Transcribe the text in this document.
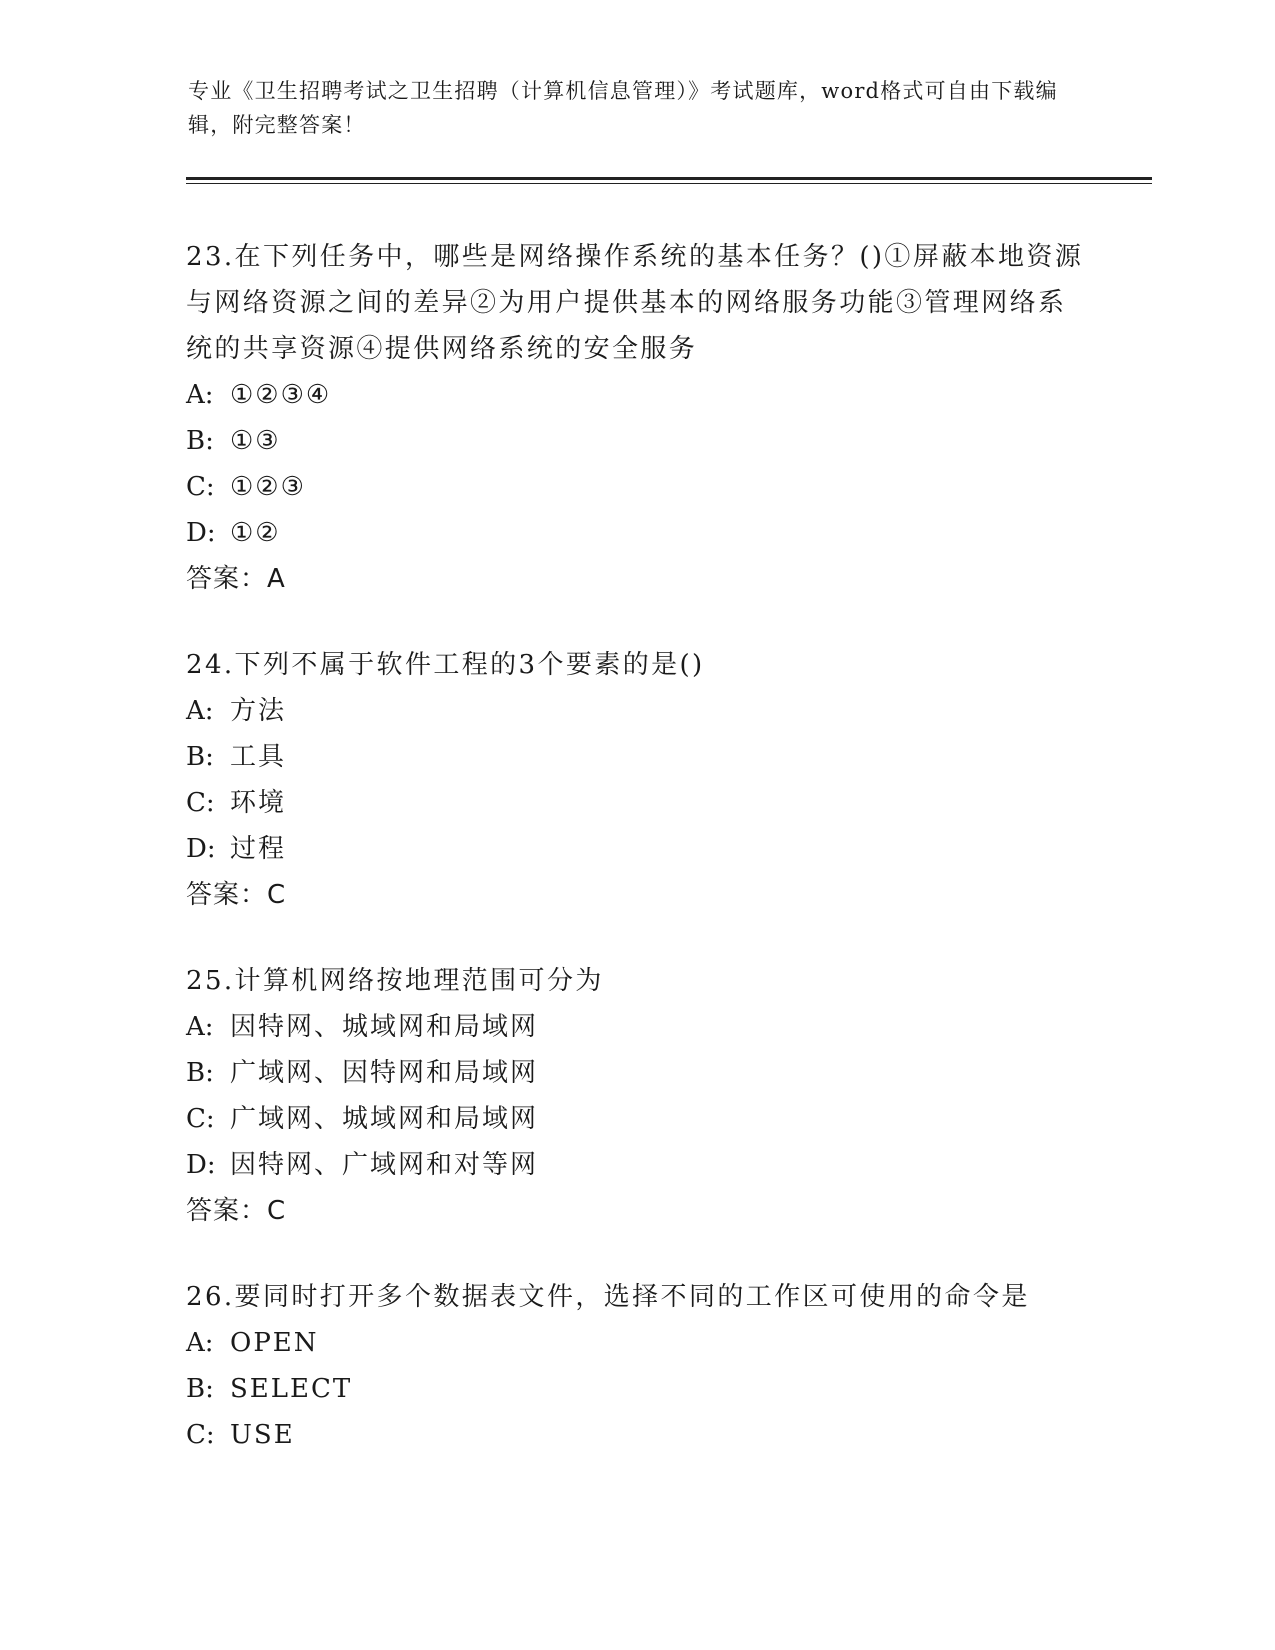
专业《卫生招聘考试之卫生招聘（计算机信息管理）》考试题库，word格式可自由下载编辑，附完整答案！

23.在下列任务中，哪些是网络操作系统的基本任务？()①屏蔽本地资源与网络资源之间的差异②为用户提供基本的网络服务功能③管理网络系统的共享资源④提供网络系统的安全服务

A: ①②③④

B: ①③

C: ①②③

D: ①②

答案：A

24.下列不属于软件工程的3个要素的是()

A: 方法

B: 工具

C: 环境

D: 过程

答案：C

25.计算机网络按地理范围可分为

A: 因特网、城域网和局域网

B: 广域网、因特网和局域网

C: 广域网、城域网和局域网

D: 因特网、广域网和对等网

答案：C

26.要同时打开多个数据表文件，选择不同的工作区可使用的命令是

A: OPEN

B: SELECT

C: USE
